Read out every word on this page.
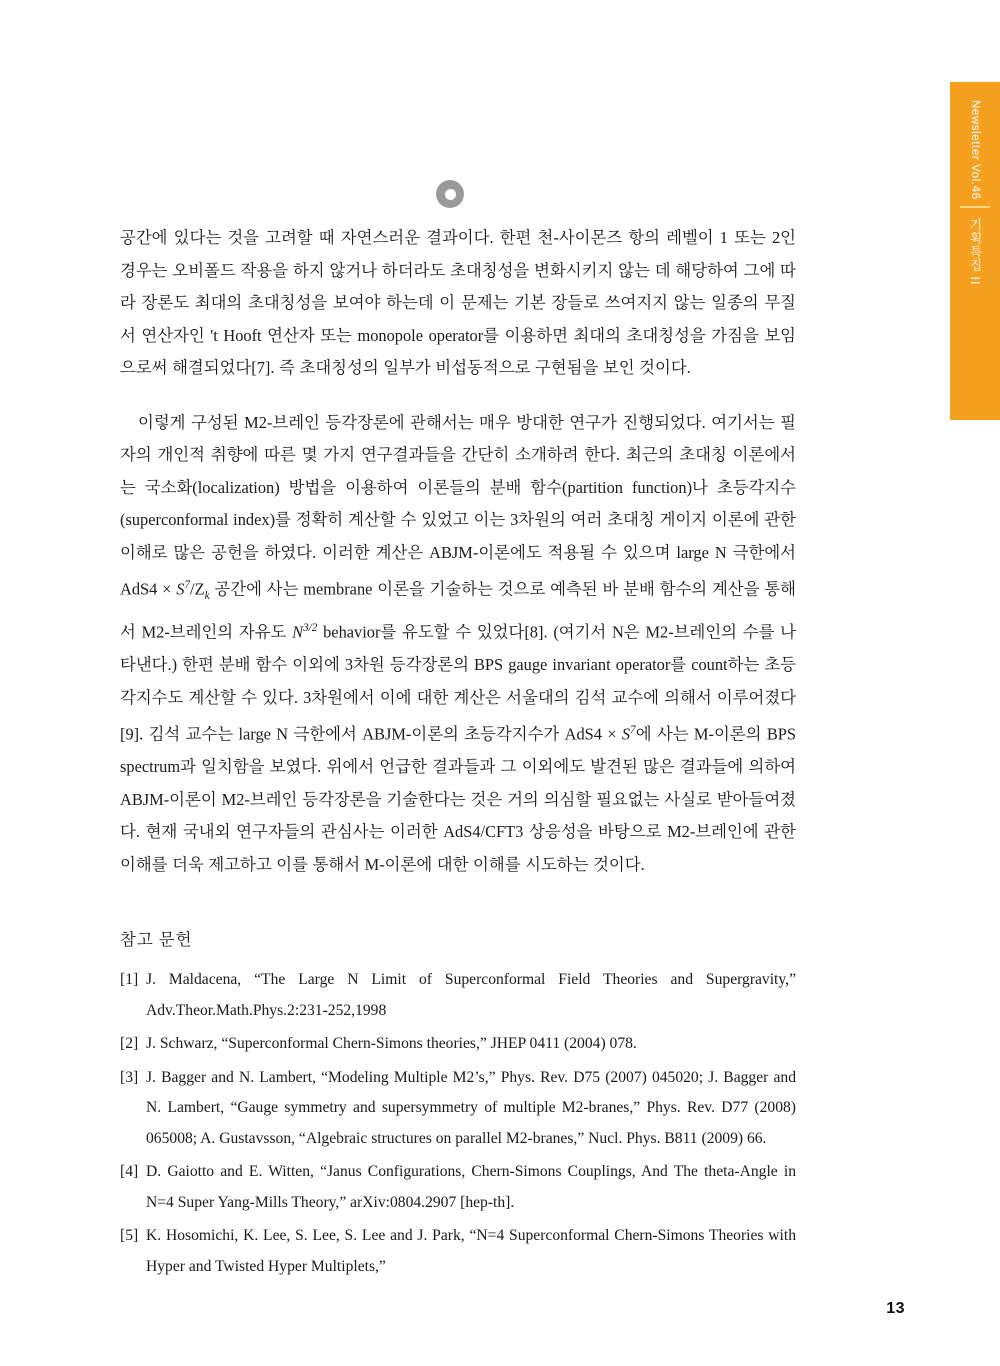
Newsletter Vol.46
기획특집 II

공간에 있다는 것을 고려할 때 자연스러운 결과이다. 한편 천-사이몬즈 항의 레벨이 1 또는 2인 경우는 오비폴드 작용을 하지 않거나 하더라도 초대칭성을 변화시키지 않는 데 해당하여 그에 따라 장론도 최대의 초대칭성을 보여야 하는데 이 문제는 기본 장들로 쓰여지지 않는 일종의 무질서 연산자인 't Hooft 연산자 또는 monopole operator를 이용하면 최대의 초대칭성을 가짐을 보임으로써 해결되었다[7]. 즉 초대칭성의 일부가 비섭동적으로 구현됨을 보인 것이다.

이렇게 구성된 M2-브레인 등각장론에 관해서는 매우 방대한 연구가 진행되었다. 여기서는 필자의 개인적 취향에 따른 몇 가지 연구결과들을 간단히 소개하려 한다. 최근의 초대칭 이론에서는 국소화(localization) 방법을 이용하여 이론들의 분배 함수(partition function)나 초등각지수(superconformal index)를 정확히 계산할 수 있었고 이는 3차원의 여러 초대칭 게이지 이론에 관한 이해로 많은 공헌을 하였다. 이러한 계산은 ABJM-이론에도 적용될 수 있으며 large N 극한에서 $AdS4 \times S^7/Z_k$ 공간에 사는 membrane 이론을 기술하는 것으로 예측된 바 분배 함수의 계산을 통해서 M2-브레인의 자유도 $N^{3/2}$ behavior를 유도할 수 있었다[8]. (여기서 N은 M2-브레인의 수를 나타낸다.) 한편 분배 함수 이외에 3차원 등각장론의 BPS gauge invariant operator를 count하는 초등각지수도 계산할 수 있다. 3차원에서 이에 대한 계산은 서울대의 김석 교수에 의해서 이루어졌다[9]. 김석 교수는 large N 극한에서 ABJM-이론의 초등각지수가 $AdS4 \times S^7$에 사는 M-이론의 BPS spectrum과 일치함을 보였다. 위에서 언급한 결과들과 그 이외에도 발견된 많은 결과들에 의하여 ABJM-이론이 M2-브레인 등각장론을 기술한다는 것은 거의 의심할 필요없는 사실로 받아들여졌다. 현재 국내외 연구자들의 관심사는 이러한 AdS4/CFT3 상응성을 바탕으로 M2-브레인에 관한 이해를 더욱 제고하고 이를 통해서 M-이론에 대한 이해를 시도하는 것이다.

참고 문헌
[1] J. Maldacena, “The Large N Limit of Superconformal Field Theories and Supergravity,” Adv.Theor.Math.Phys.2:231-252,1998
[2] J. Schwarz, “Superconformal Chern-Simons theories,” JHEP 0411 (2004) 078.
[3] J. Bagger and N. Lambert, “Modeling Multiple M2’s,” Phys. Rev. D75 (2007) 045020; J. Bagger and N. Lambert, “Gauge symmetry and supersymmetry of multiple M2-branes,” Phys. Rev. D77 (2008) 065008; A. Gustavsson, “Algebraic structures on parallel M2-branes,” Nucl. Phys. B811 (2009) 66.
[4] D. Gaiotto and E. Witten, “Janus Configurations, Chern-Simons Couplings, And The theta-Angle in N=4 Super Yang-Mills Theory,” arXiv:0804.2907 [hep-th].
[5] K. Hosomichi, K. Lee, S. Lee, S. Lee and J. Park, “N=4 Superconformal Chern-Simons Theories with Hyper and Twisted Hyper Multiplets,”
13
